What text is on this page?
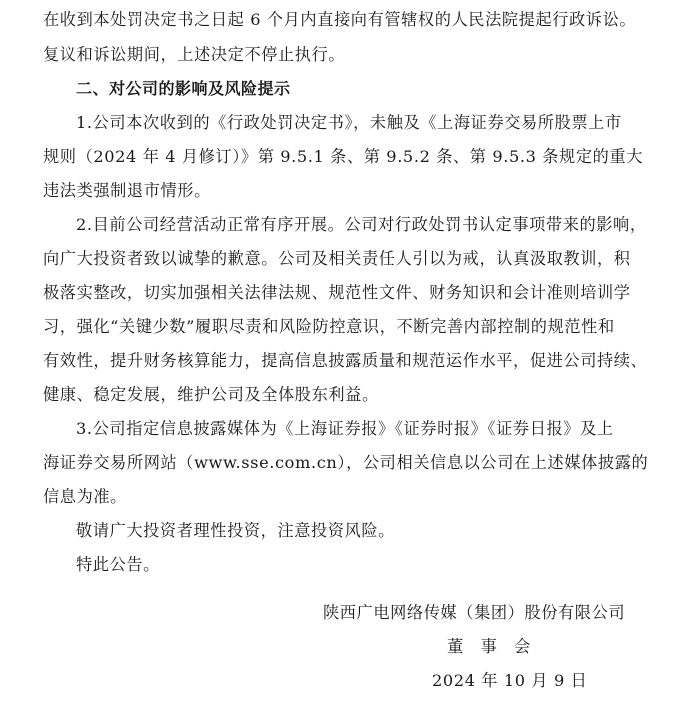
在收到本处罚决定书之日起 6 个月内直接向有管辖权的人民法院提起行政诉讼。
复议和诉讼期间，上述决定不停止执行。
二、对公司的影响及风险提示
1.公司本次收到的《行政处罚决定书》，未触及《上海证券交易所股票上市
规则（2024 年 4 月修订）》第 9.5.1 条、第 9.5.2 条、第 9.5.3 条规定的重大
违法类强制退市情形。
2.目前公司经营活动正常有序开展。公司对行政处罚书认定事项带来的影响，
向广大投资者致以诚挚的歉意。公司及相关责任人引以为戒，认真汲取教训，积
极落实整改，切实加强相关法律法规、规范性文件、财务知识和会计准则培训学
习，强化“关键少数”履职尽责和风险防控意识，不断完善内部控制的规范性和
有效性，提升财务核算能力，提高信息披露质量和规范运作水平，促进公司持续、
健康、稳定发展，维护公司及全体股东利益。
3.公司指定信息披露媒体为《上海证券报》《证券时报》《证券日报》及上
海证券交易所网站（www.sse.com.cn），公司相关信息以公司在上述媒体披露的
信息为准。
敬请广大投资者理性投资，注意投资风险。
特此公告。
陕西广电网络传媒（集团）股份有限公司
董　事　会
2024 年 10 月 9 日
